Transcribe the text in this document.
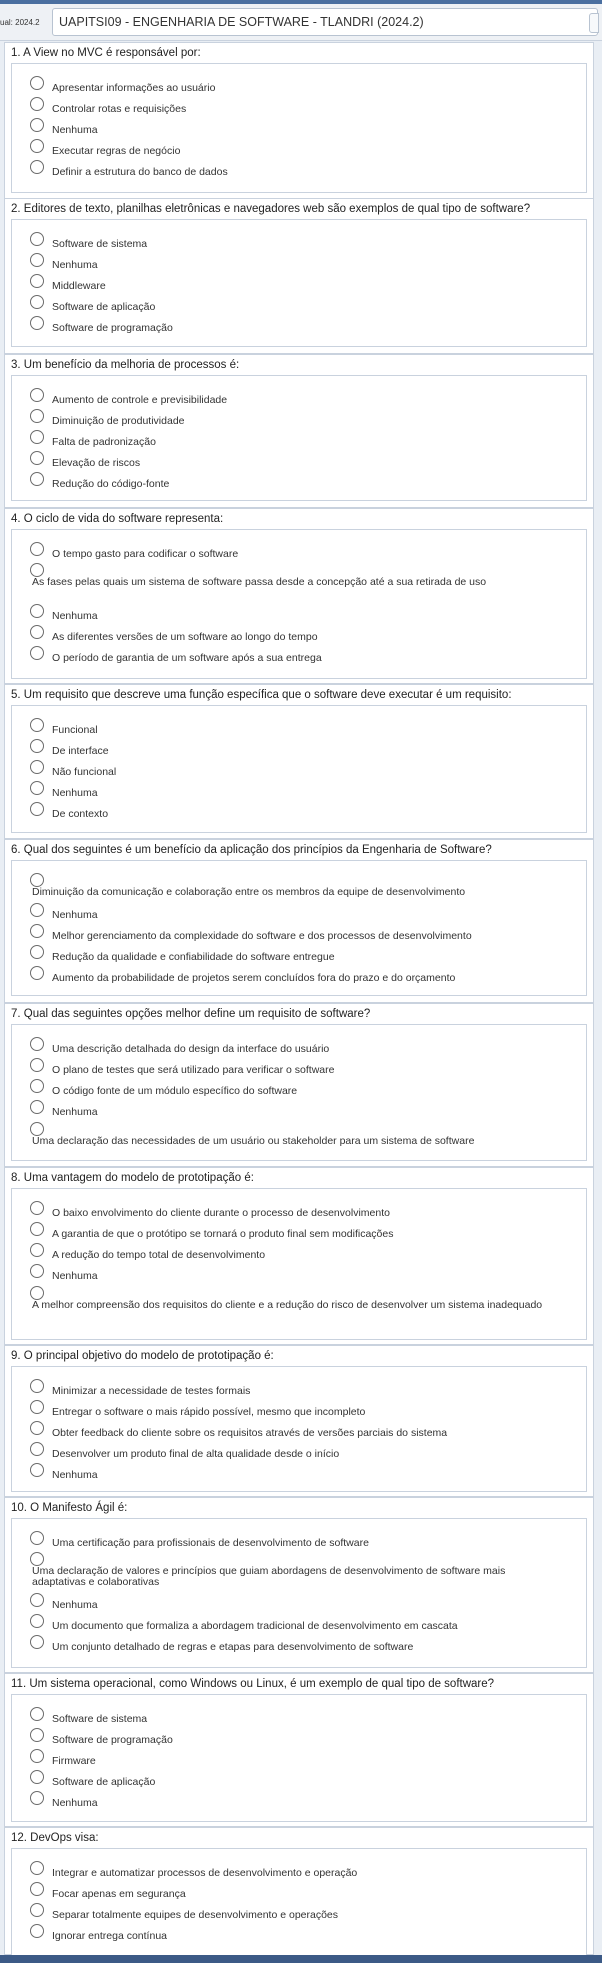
ual: 2024.2 UAPITSI09 - ENGENHARIA DE SOFTWARE - TLANDRI (2024.2)
1. A View no MVC é responsável por:
Apresentar informações ao usuário
Controlar rotas e requisições
Nenhuma
Executar regras de negócio
Definir a estrutura do banco de dados
2. Editores de texto, planilhas eletrônicas e navegadores web são exemplos de qual tipo de software?
Software de sistema
Nenhuma
Middleware
Software de aplicação
Software de programação
3. Um benefício da melhoria de processos é:
Aumento de controle e previsibilidade
Diminuição de produtividade
Falta de padronização
Elevação de riscos
Redução do código-fonte
4. O ciclo de vida do software representa:
O tempo gasto para codificar o software
As fases pelas quais um sistema de software passa desde a concepção até a sua retirada de uso
Nenhuma
As diferentes versões de um software ao longo do tempo
O período de garantia de um software após a sua entrega
5. Um requisito que descreve uma função específica que o software deve executar é um requisito:
Funcional
De interface
Não funcional
Nenhuma
De contexto
6. Qual dos seguintes é um benefício da aplicação dos princípios da Engenharia de Software?
Diminuição da comunicação e colaboração entre os membros da equipe de desenvolvimento
Nenhuma
Melhor gerenciamento da complexidade do software e dos processos de desenvolvimento
Redução da qualidade e confiabilidade do software entregue
Aumento da probabilidade de projetos serem concluídos fora do prazo e do orçamento
7. Qual das seguintes opções melhor define um requisito de software?
Uma descrição detalhada do design da interface do usuário
O plano de testes que será utilizado para verificar o software
O código fonte de um módulo específico do software
Nenhuma
Uma declaração das necessidades de um usuário ou stakeholder para um sistema de software
8. Uma vantagem do modelo de prototipação é:
O baixo envolvimento do cliente durante o processo de desenvolvimento
A garantia de que o protótipo se tornará o produto final sem modificações
A redução do tempo total de desenvolvimento
Nenhuma
A melhor compreensão dos requisitos do cliente e a redução do risco de desenvolver um sistema inadequado
9. O principal objetivo do modelo de prototipação é:
Minimizar a necessidade de testes formais
Entregar o software o mais rápido possível, mesmo que incompleto
Obter feedback do cliente sobre os requisitos através de versões parciais do sistema
Desenvolver um produto final de alta qualidade desde o início
Nenhuma
10. O Manifesto Ágil é:
Uma certificação para profissionais de desenvolvimento de software
Uma declaração de valores e princípios que guiam abordagens de desenvolvimento de software mais adaptativas e colaborativas
Nenhuma
Um documento que formaliza a abordagem tradicional de desenvolvimento em cascata
Um conjunto detalhado de regras e etapas para desenvolvimento de software
11. Um sistema operacional, como Windows ou Linux, é um exemplo de qual tipo de software?
Software de sistema
Software de programação
Firmware
Software de aplicação
Nenhuma
12. DevOps visa:
Integrar e automatizar processos de desenvolvimento e operação
Focar apenas em segurança
Separar totalmente equipes de desenvolvimento e operações
Ignorar entrega contínua
